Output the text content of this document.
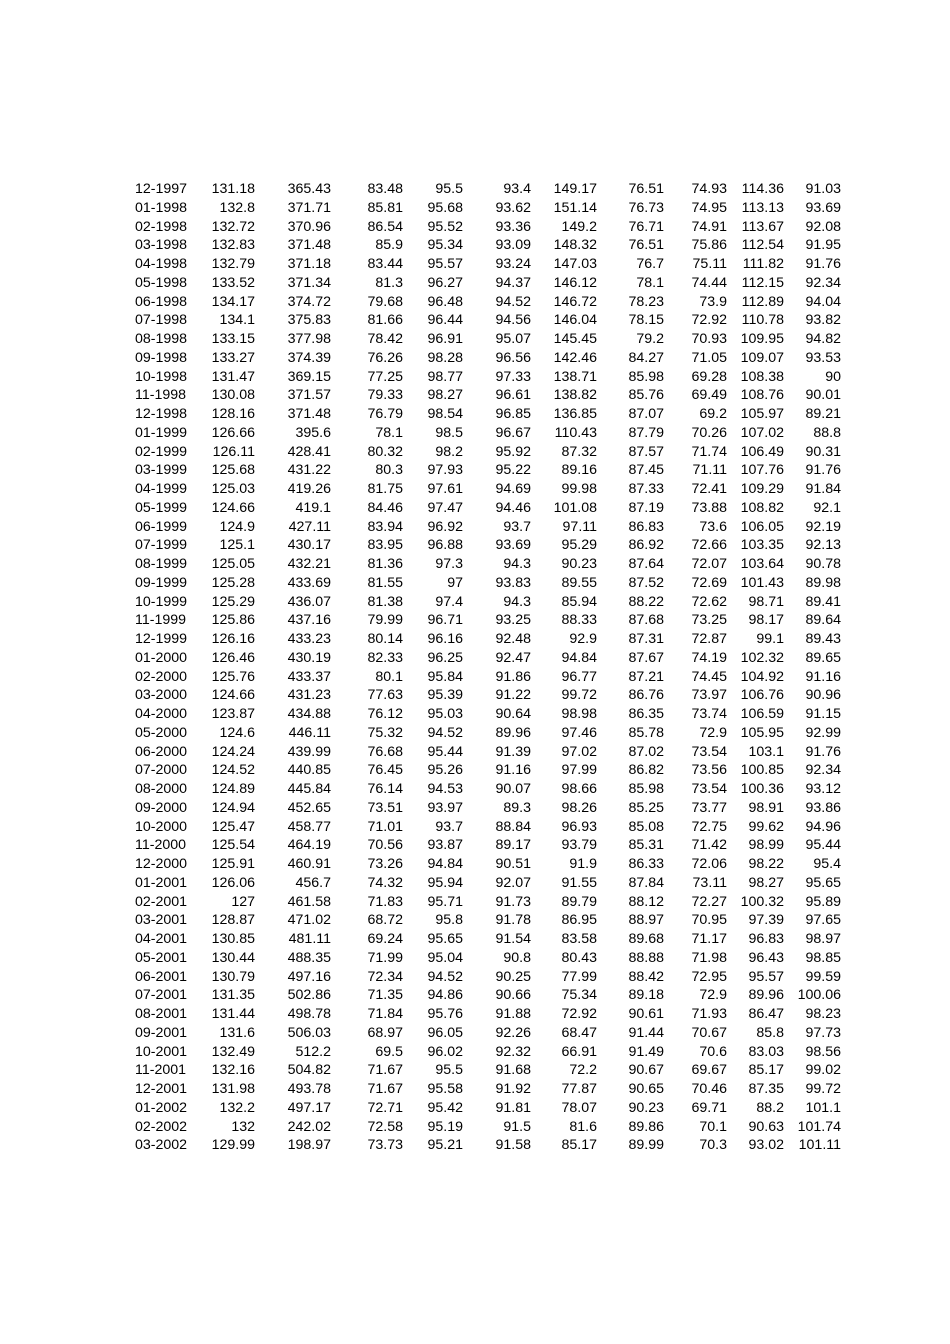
12-1997	131.18	365.43	83.48	95.5	93.4	149.17	76.51	74.93	114.36	91.03
01-1998	132.8	371.71	85.81	95.68	93.62	151.14	76.73	74.95	113.13	93.69
02-1998	132.72	370.96	86.54	95.52	93.36	149.2	76.71	74.91	113.67	92.08
03-1998	132.83	371.48	85.9	95.34	93.09	148.32	76.51	75.86	112.54	91.95
04-1998	132.79	371.18	83.44	95.57	93.24	147.03	76.7	75.11	111.82	91.76
05-1998	133.52	371.34	81.3	96.27	94.37	146.12	78.1	74.44	112.15	92.34
06-1998	134.17	374.72	79.68	96.48	94.52	146.72	78.23	73.9	112.89	94.04
07-1998	134.1	375.83	81.66	96.44	94.56	146.04	78.15	72.92	110.78	93.82
08-1998	133.15	377.98	78.42	96.91	95.07	145.45	79.2	70.93	109.95	94.82
09-1998	133.27	374.39	76.26	98.28	96.56	142.46	84.27	71.05	109.07	93.53
10-1998	131.47	369.15	77.25	98.77	97.33	138.71	85.98	69.28	108.38	90
11-1998	130.08	371.57	79.33	98.27	96.61	138.82	85.76	69.49	108.76	90.01
12-1998	128.16	371.48	76.79	98.54	96.85	136.85	87.07	69.2	105.97	89.21
01-1999	126.66	395.6	78.1	98.5	96.67	110.43	87.79	70.26	107.02	88.8
02-1999	126.11	428.41	80.32	98.2	95.92	87.32	87.57	71.74	106.49	90.31
03-1999	125.68	431.22	80.3	97.93	95.22	89.16	87.45	71.11	107.76	91.76
04-1999	125.03	419.26	81.75	97.61	94.69	99.98	87.33	72.41	109.29	91.84
05-1999	124.66	419.1	84.46	97.47	94.46	101.08	87.19	73.88	108.82	92.1
06-1999	124.9	427.11	83.94	96.92	93.7	97.11	86.83	73.6	106.05	92.19
07-1999	125.1	430.17	83.95	96.88	93.69	95.29	86.92	72.66	103.35	92.13
08-1999	125.05	432.21	81.36	97.3	94.3	90.23	87.64	72.07	103.64	90.78
09-1999	125.28	433.69	81.55	97	93.83	89.55	87.52	72.69	101.43	89.98
10-1999	125.29	436.07	81.38	97.4	94.3	85.94	88.22	72.62	98.71	89.41
11-1999	125.86	437.16	79.99	96.71	93.25	88.33	87.68	73.25	98.17	89.64
12-1999	126.16	433.23	80.14	96.16	92.48	92.9	87.31	72.87	99.1	89.43
01-2000	126.46	430.19	82.33	96.25	92.47	94.84	87.67	74.19	102.32	89.65
02-2000	125.76	433.37	80.1	95.84	91.86	96.77	87.21	74.45	104.92	91.16
03-2000	124.66	431.23	77.63	95.39	91.22	99.72	86.76	73.97	106.76	90.96
04-2000	123.87	434.88	76.12	95.03	90.64	98.98	86.35	73.74	106.59	91.15
05-2000	124.6	446.11	75.32	94.52	89.96	97.46	85.78	72.9	105.95	92.99
06-2000	124.24	439.99	76.68	95.44	91.39	97.02	87.02	73.54	103.1	91.76
07-2000	124.52	440.85	76.45	95.26	91.16	97.99	86.82	73.56	100.85	92.34
08-2000	124.89	445.84	76.14	94.53	90.07	98.66	85.98	73.54	100.36	93.12
09-2000	124.94	452.65	73.51	93.97	89.3	98.26	85.25	73.77	98.91	93.86
10-2000	125.47	458.77	71.01	93.7	88.84	96.93	85.08	72.75	99.62	94.96
11-2000	125.54	464.19	70.56	93.87	89.17	93.79	85.31	71.42	98.99	95.44
12-2000	125.91	460.91	73.26	94.84	90.51	91.9	86.33	72.06	98.22	95.4
01-2001	126.06	456.7	74.32	95.94	92.07	91.55	87.84	73.11	98.27	95.65
02-2001	127	461.58	71.83	95.71	91.73	89.79	88.12	72.27	100.32	95.89
03-2001	128.87	471.02	68.72	95.8	91.78	86.95	88.97	70.95	97.39	97.65
04-2001	130.85	481.11	69.24	95.65	91.54	83.58	89.68	71.17	96.83	98.97
05-2001	130.44	488.35	71.99	95.04	90.8	80.43	88.88	71.98	96.43	98.85
06-2001	130.79	497.16	72.34	94.52	90.25	77.99	88.42	72.95	95.57	99.59
07-2001	131.35	502.86	71.35	94.86	90.66	75.34	89.18	72.9	89.96	100.06
08-2001	131.44	498.78	71.84	95.76	91.88	72.92	90.61	71.93	86.47	98.23
09-2001	131.6	506.03	68.97	96.05	92.26	68.47	91.44	70.67	85.8	97.73
10-2001	132.49	512.2	69.5	96.02	92.32	66.91	91.49	70.6	83.03	98.56
11-2001	132.16	504.82	71.67	95.5	91.68	72.2	90.67	69.67	85.17	99.02
12-2001	131.98	493.78	71.67	95.58	91.92	77.87	90.65	70.46	87.35	99.72
01-2002	132.2	497.17	72.71	95.42	91.81	78.07	90.23	69.71	88.2	101.1
02-2002	132	242.02	72.58	95.19	91.5	81.6	89.86	70.1	90.63	101.74
03-2002	129.99	198.97	73.73	95.21	91.58	85.17	89.99	70.3	93.02	101.11
